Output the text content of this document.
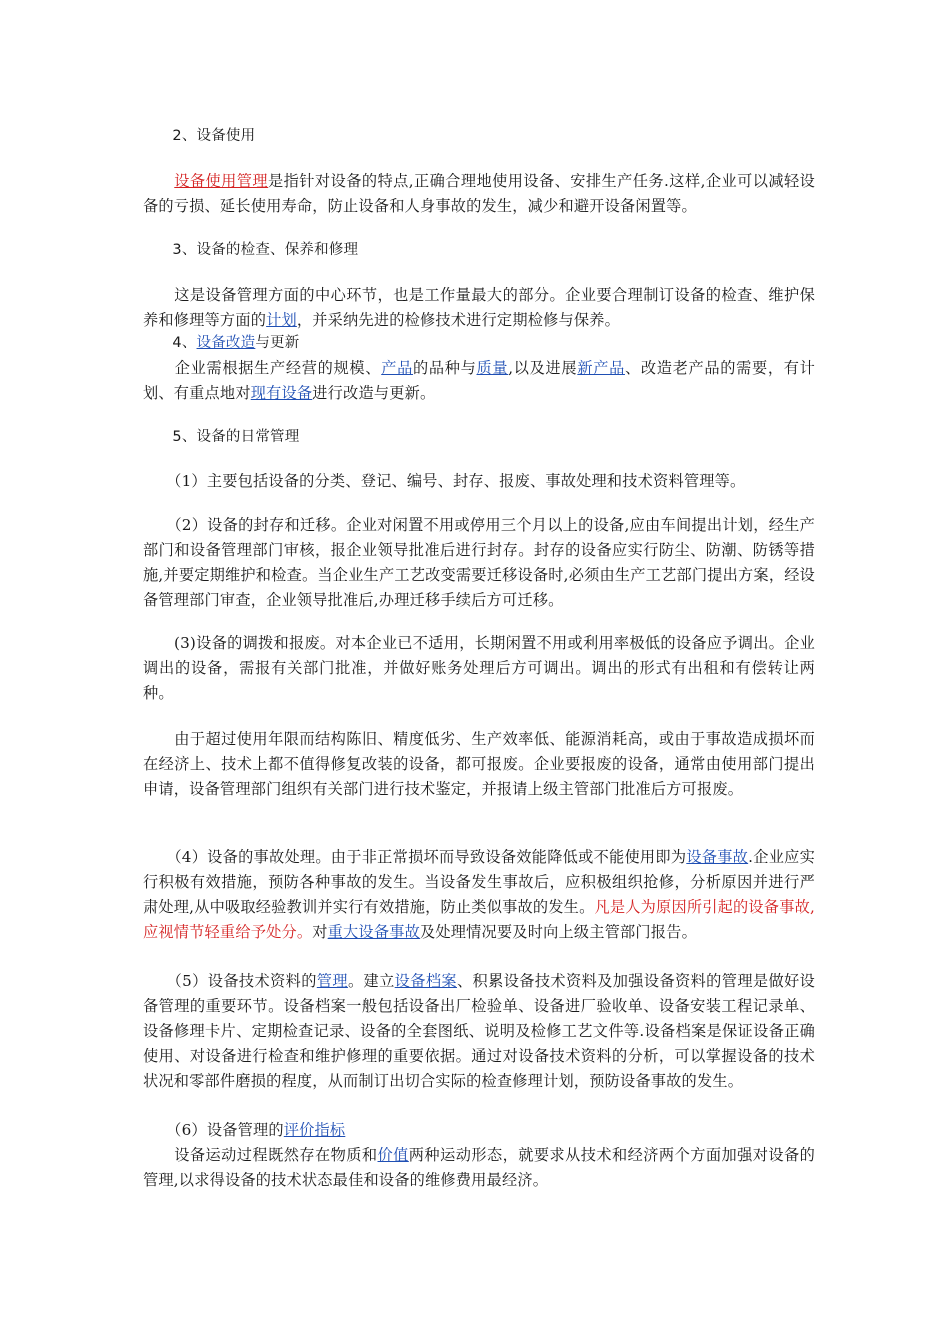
　　2、设备使用

　　设备使用管理是指针对设备的特点,正确合理地使用设备、安排生产任务.这样,企业可以减轻设备的亏损、延长使用寿命，防止设备和人身事故的发生，减少和避开设备闲置等。

　　3、设备的检查、保养和修理

　　这是设备管理方面的中心环节，也是工作量最大的部分。企业要合理制订设备的检查、维护保养和修理等方面的计划，并采纳先进的检修技术进行定期检修与保养。

　　4、设备改造与更新

　　企业需根据生产经营的规模、产品的品种与质量,以及进展新产品、改造老产品的需要，有计划、有重点地对现有设备进行改造与更新。

　　5、设备的日常管理

　　（1）主要包括设备的分类、登记、编号、封存、报废、事故处理和技术资料管理等。

　　（2）设备的封存和迁移。企业对闲置不用或停用三个月以上的设备,应由车间提出计划，经生产部门和设备管理部门审核，报企业领导批准后进行封存。封存的设备应实行防尘、防潮、防锈等措施,并要定期维护和检查。当企业生产工艺改变需要迁移设备时,必须由生产工艺部门提出方案，经设备管理部门审查，企业领导批准后,办理迁移手续后方可迁移。

　　(3)设备的调拨和报废。对本企业已不适用，长期闲置不用或利用率极低的设备应予调出。企业调出的设备，需报有关部门批准，并做好账务处理后方可调出。调出的形式有出租和有偿转让两种。

　　由于超过使用年限而结构陈旧、精度低劣、生产效率低、能源消耗高，或由于事故造成损坏而在经济上、技术上都不值得修复改装的设备，都可报废。企业要报废的设备，通常由使用部门提出申请，设备管理部门组织有关部门进行技术鉴定，并报请上级主管部门批准后方可报废。

　　（4）设备的事故处理。由于非正常损坏而导致设备效能降低或不能使用即为设备事故.企业应实行积极有效措施，预防各种事故的发生。当设备发生事故后，应积极组织抢修，分析原因并进行严肃处理,从中吸取经验教训并实行有效措施，防止类似事故的发生。凡是人为原因所引起的设备事故,应视情节轻重给予处分。对重大设备事故及处理情况要及时向上级主管部门报告。

　　（5）设备技术资料的管理。建立设备档案、积累设备技术资料及加强设备资料的管理是做好设备管理的重要环节。设备档案一般包括设备出厂检验单、设备进厂验收单、设备安装工程记录单、设备修理卡片、定期检查记录、设备的全套图纸、说明及检修工艺文件等.设备档案是保证设备正确使用、对设备进行检查和维护修理的重要依据。通过对设备技术资料的分析，可以掌握设备的技术状况和零部件磨损的程度，从而制订出切合实际的检查修理计划，预防设备事故的发生。

　　（6）设备管理的评价指标

　　设备运动过程既然存在物质和价值两种运动形态，就要求从技术和经济两个方面加强对设备的管理,以求得设备的技术状态最佳和设备的维修费用最经济。
